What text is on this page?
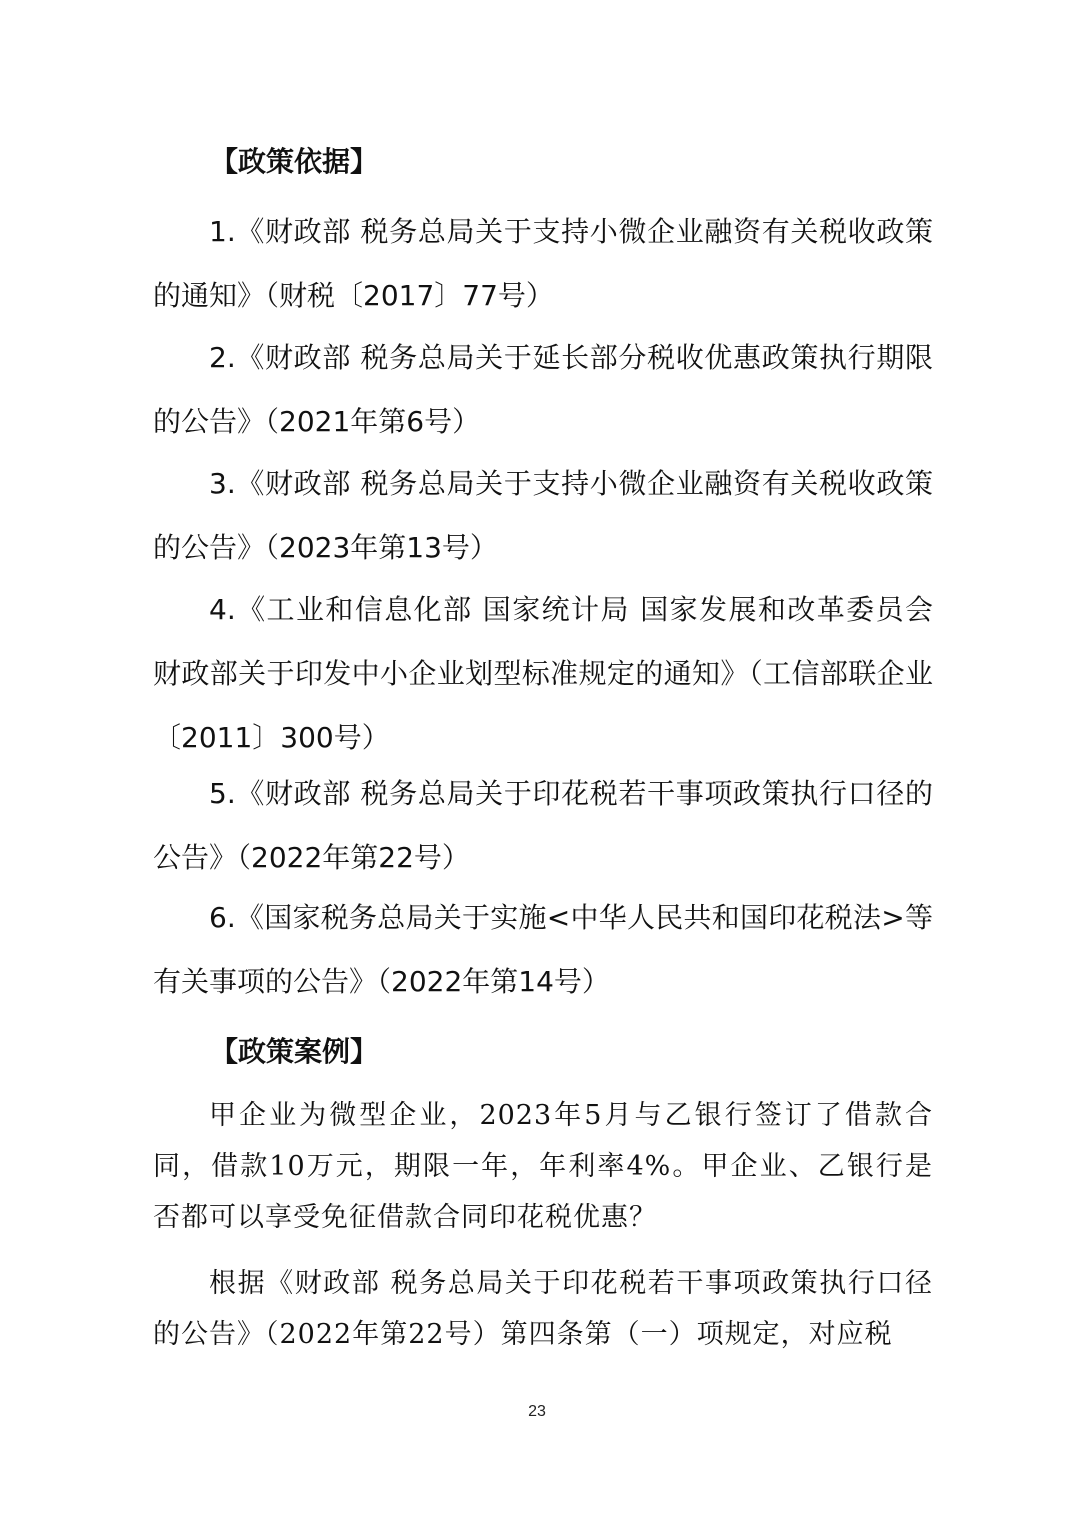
【政策依据】
1.《财政部 税务总局关于支持小微企业融资有关税收政策的通知》（财税〔2017〕77号）
2.《财政部 税务总局关于延长部分税收优惠政策执行期限的公告》（2021年第6号）
3.《财政部 税务总局关于支持小微企业融资有关税收政策的公告》（2023年第13号）
4.《工业和信息化部 国家统计局 国家发展和改革委员会 财政部关于印发中小企业划型标准规定的通知》（工信部联企业〔2011〕300号）
5.《财政部 税务总局关于印花税若干事项政策执行口径的公告》（2022年第22号）
6.《国家税务总局关于实施<中华人民共和国印花税法>等有关事项的公告》（2022年第14号）
【政策案例】
甲企业为微型企业，2023年5月与乙银行签订了借款合同，借款10万元，期限一年，年利率4%。甲企业、乙银行是否都可以享受免征借款合同印花税优惠？
根据《财政部 税务总局关于印花税若干事项政策执行口径的公告》（2022年第22号）第四条第（一）项规定，对应税
23
